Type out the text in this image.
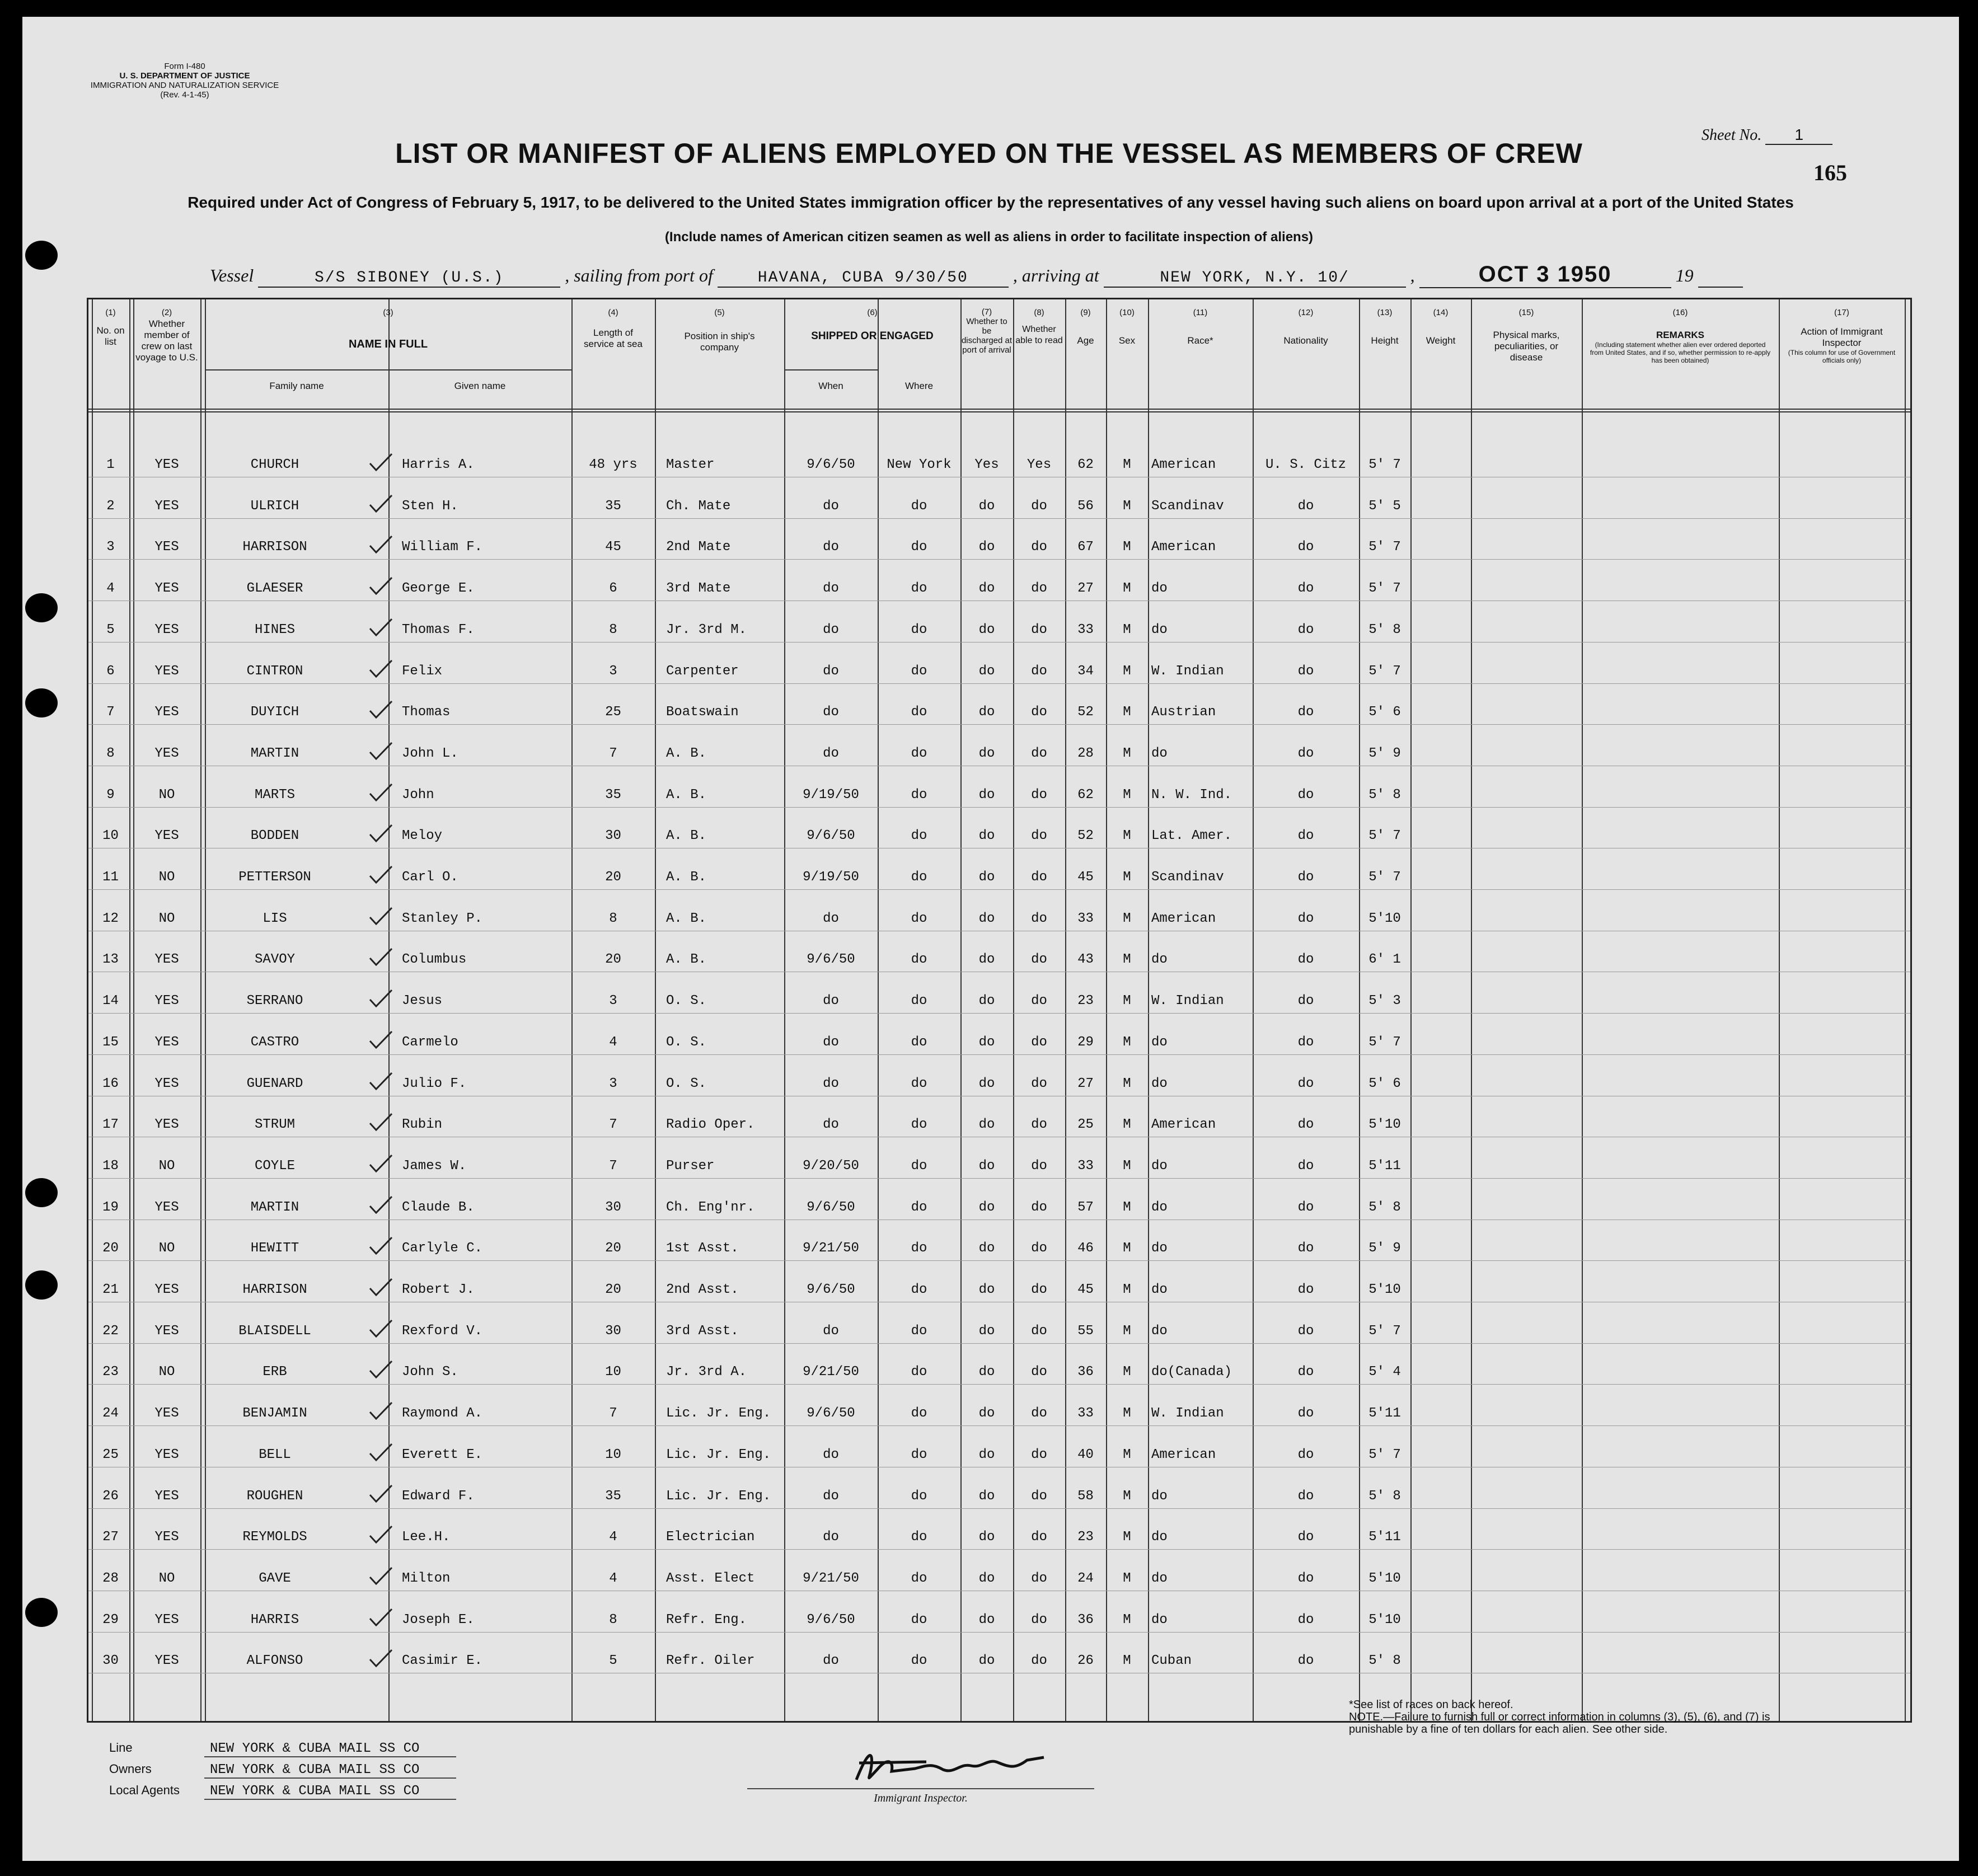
Form I-480
U. S. DEPARTMENT OF JUSTICE
IMMIGRATION AND NATURALIZATION SERVICE
(Rev. 4-1-45)
Sheet No. 1
165
LIST OR MANIFEST OF ALIENS EMPLOYED ON THE VESSEL AS MEMBERS OF CREW
Required under Act of Congress of February 5, 1917, to be delivered to the United States immigration officer by the representatives of any vessel having such aliens on board upon arrival at a port of the United States
(Include names of American citizen seamen as well as aliens in order to facilitate inspection of aliens)
Vessel	S/S SIBONEY (U.S.)	, sailing from port of	HAVANA, CUBA 9/30/50 , arriving at	NEW YORK, N.Y. 10/	,	OCT 3 1950	19
(1)
No. on list
(2)
Whether member of crew on last voyage to U.S.
(3)
NAME IN FULL
Family name	Given name
(4)
Length of service at sea
(5)
Position in ship's company
(6)
SHIPPED OR ENGAGED
When	Where
(7)
Whether to be discharged at port of arrival
(8)
Whether able to read
(9)
Age
(10)
Sex
(11)
Race*
(12)
Nationality
(13)
Height
(14)
Weight
(15)
Physical marks, peculiarities, or disease
(16)
REMARKS
(Including statement whether alien ever ordered deported from United States, and if so, whether permission to re-apply has been obtained)
(17)
Action of Immigrant Inspector
(This column for use of Government officials only)
1	YES	CHURCH	Harris A.	48 yrs	Master	9/6/50	New York	Yes	Yes	62	M	American	U. S. Citz	5' 7
2	YES	ULRICH	Sten H.	35	Ch. Mate	do	do	do	do	56	M	Scandinav	do	5' 5
3	YES	HARRISON	William F.	45	2nd Mate	do	do	do	do	67	M	American	do	5' 7
4	YES	GLAESER	George E.	6	3rd Mate	do	do	do	do	27	M	do	do	5' 7
5	YES	HINES	Thomas F.	8	Jr. 3rd M.	do	do	do	do	33	M	do	do	5' 8
6	YES	CINTRON	Felix	3	Carpenter	do	do	do	do	34	M	W. Indian	do	5' 7
7	YES	DUYICH	Thomas	25	Boatswain	do	do	do	do	52	M	Austrian	do	5' 6
8	YES	MARTIN	John L.	7	A. B.	do	do	do	do	28	M	do	do	5' 9
9	NO	MARTS	John	35	A. B.	9/19/50	do	do	do	62	M	N. W. Ind.	do	5' 8
10	YES	BODDEN	Meloy	30	A. B.	9/6/50	do	do	do	52	M	Lat. Amer.	do	5' 7
11	NO	PETTERSON	Carl O.	20	A. B.	9/19/50	do	do	do	45	M	Scandinav	do	5' 7
12	NO	LIS	Stanley P.	8	A. B.	do	do	do	do	33	M	American	do	5'10
13	YES	SAVOY	Columbus	20	A. B.	9/6/50	do	do	do	43	M	do	do	6' 1
14	YES	SERRANO	Jesus	3	O. S.	do	do	do	do	23	M	W. Indian	do	5' 3
15	YES	CASTRO	Carmelo	4	O. S.	do	do	do	do	29	M	do	do	5' 7
16	YES	GUENARD	Julio F.	3	O. S.	do	do	do	do	27	M	do	do	5' 6
17	YES	STRUM	Rubin	7	Radio Oper.	do	do	do	do	25	M	American	do	5'10
18	NO	COYLE	James W.	7	Purser	9/20/50	do	do	do	33	M	do	do	5'11
19	YES	MARTIN	Claude B.	30	Ch. Eng'nr.	9/6/50	do	do	do	57	M	do	do	5' 8
20	NO	HEWITT	Carlyle C.	20	1st Asst.	9/21/50	do	do	do	46	M	do	do	5' 9
21	YES	HARRISON	Robert J.	20	2nd Asst.	9/6/50	do	do	do	45	M	do	do	5'10
22	YES	BLAISDELL	Rexford V.	30	3rd Asst.	do	do	do	do	55	M	do	do	5' 7
23	NO	ERB	John S.	10	Jr. 3rd A.	9/21/50	do	do	do	36	M	do(Canada)	do	5' 4
24	YES	BENJAMIN	Raymond A.	7	Lic. Jr. Eng.	9/6/50	do	do	do	33	M	W. Indian	do	5'11
25	YES	BELL	Everett E.	10	Lic. Jr. Eng.	do	do	do	do	40	M	American	do	5' 7
26	YES	ROUGHEN	Edward F.	35	Lic. Jr. Eng.	do	do	do	do	58	M	do	do	5' 8
27	YES	REYMOLDS	Lee.H.	4	Electrician	do	do	do	do	23	M	do	do	5'11
28	NO	GAVE	Milton	4	Asst. Elect	9/21/50	do	do	do	24	M	do	do	5'10
29	YES	HARRIS	Joseph E.	8	Refr. Eng.	9/6/50	do	do	do	36	M	do	do	5'10
30	YES	ALFONSO	Casimir E.	5	Refr. Oiler	do	do	do	do	26	M	Cuban	do	5' 8
Line	NEW YORK & CUBA MAIL SS CO
Owners	NEW YORK & CUBA MAIL SS CO
Local Agents NEW YORK & CUBA MAIL SS CO	Immigrant Inspector.
*See list of races on back hereof.
NOTE.—Failure to furnish full or correct information in columns (3), (5), (6), and (7) is punishable by a fine of ten dollars for each alien. See other side.
